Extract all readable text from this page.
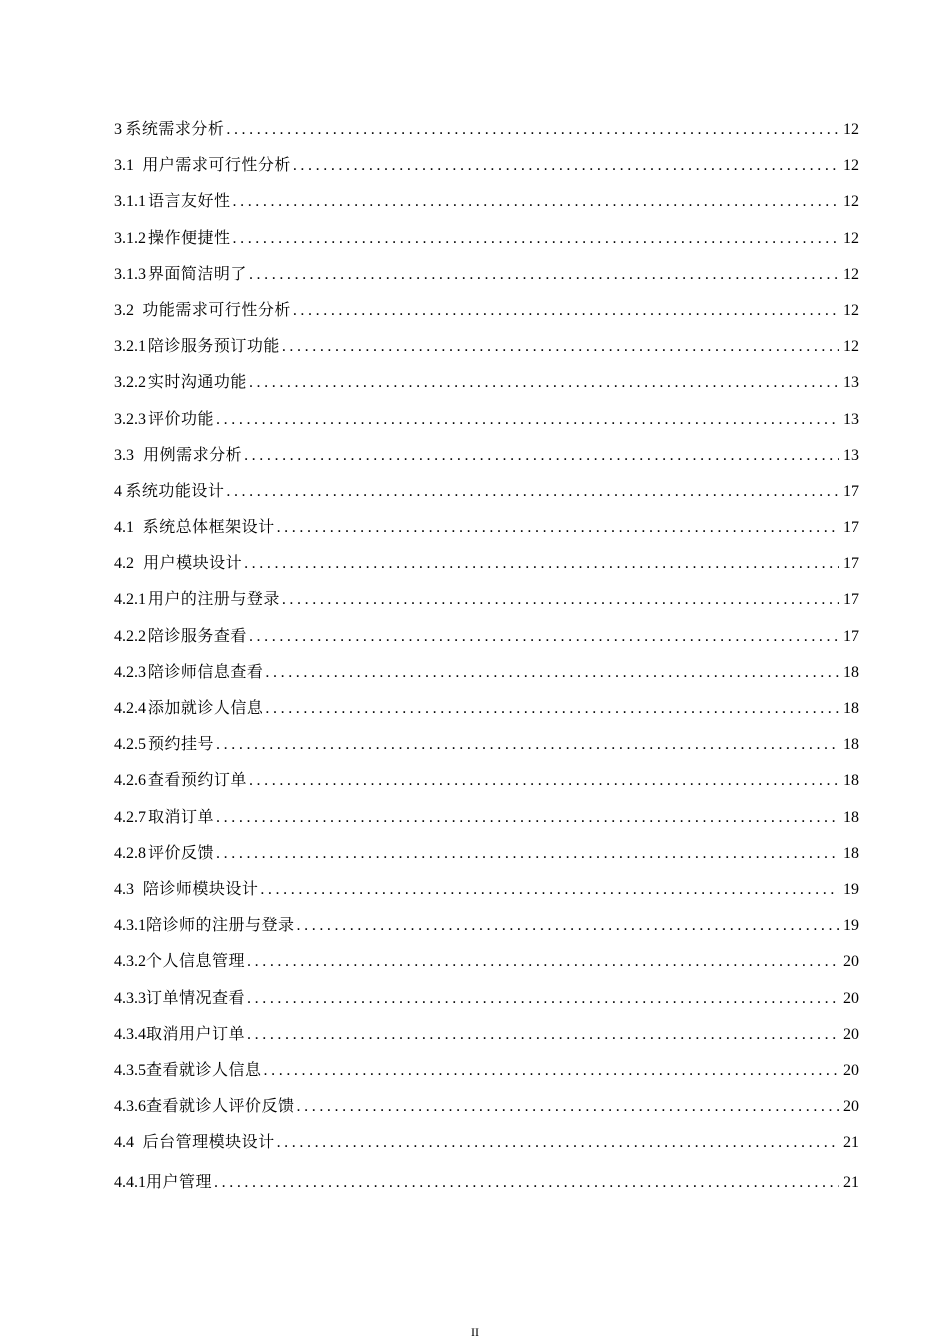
3 系统需求分析 .....	12
3.1 用户需求可行性分析 .....	12
3.1.1 语言友好性 .....	12
3.1.2 操作便捷性 .....	12
3.1.3 界面简洁明了 .....	12
3.2 功能需求可行性分析 .....	12
3.2.1 陪诊服务预订功能 .....	12
3.2.2 实时沟通功能 .....	13
3.2.3 评价功能 .....	13
3.3 用例需求分析 .....	13
4 系统功能设计 .....	17
4.1 系统总体框架设计 .....	17
4.2 用户模块设计 .....	17
4.2.1 用户的注册与登录 .....	17
4.2.2 陪诊服务查看 .....	17
4.2.3 陪诊师信息查看 .....	18
4.2.4 添加就诊人信息 .....	18
4.2.5 预约挂号 .....	18
4.2.6 查看预约订单 .....	18
4.2.7 取消订单 .....	18
4.2.8 评价反馈 .....	18
4.3 陪诊师模块设计 .....	19
4.3.1 陪诊师的注册与登录 .....	19
4.3.2 个人信息管理 .....	20
4.3.3 订单情况查看 .....	20
4.3.4 取消用户订单 .....	20
4.3.5 查看就诊人信息 .....	20
4.3.6 查看就诊人评价反馈 .....	20
4.4 后台管理模块设计 .....	21
4.4.1 用户管理 .....	21
II
